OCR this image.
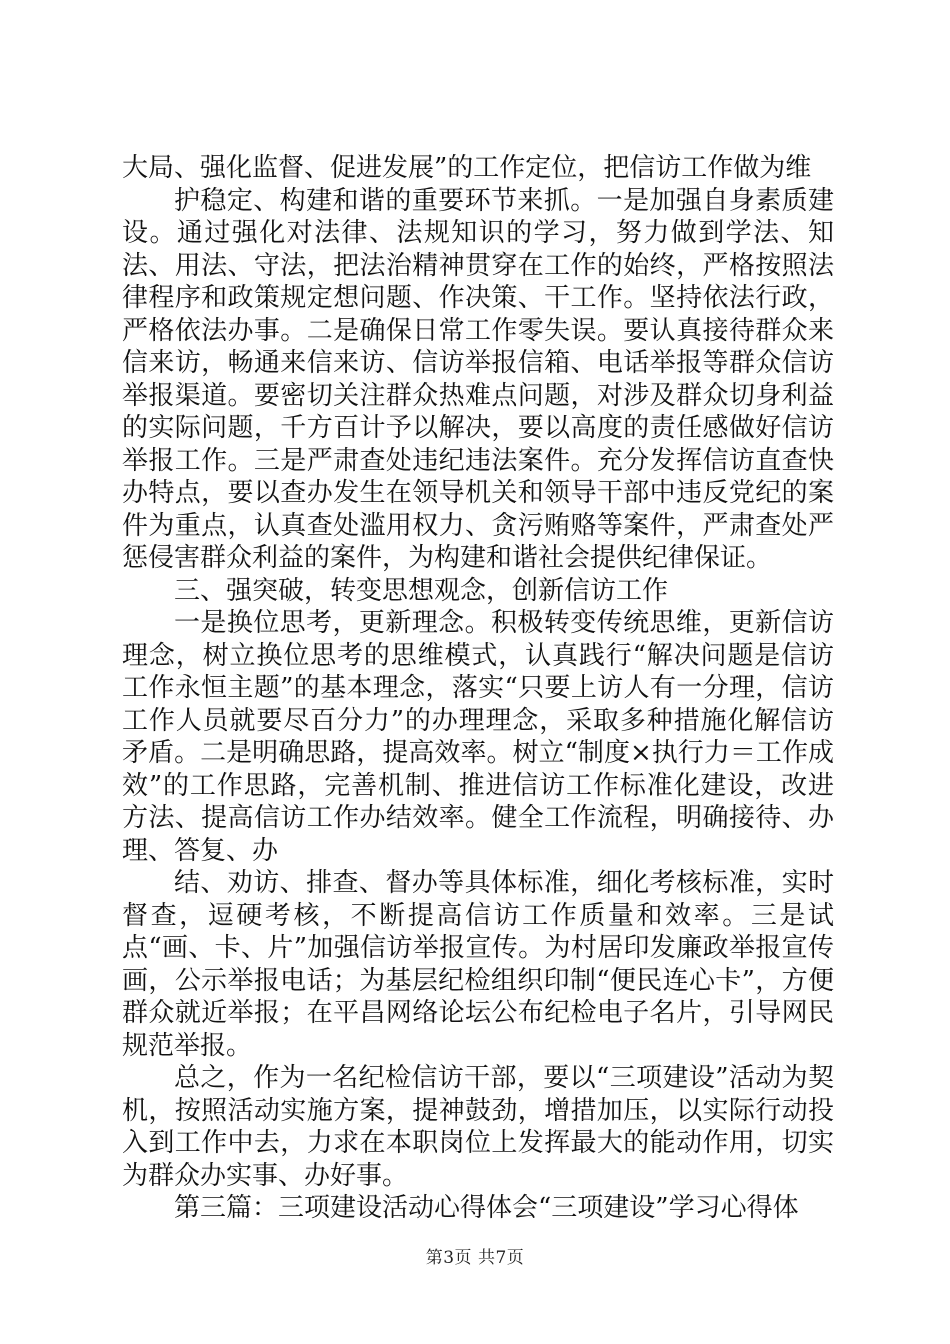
大局、强化监督、促进发展”的工作定位，把信访工作做为维

护稳定、构建和谐的重要环节来抓。一是加强自身素质建设。通过强化对法律、法规知识的学习，努力做到学法、知法、用法、守法，把法治精神贯穿在工作的始终，严格按照法律程序和政策规定想问题、作决策、干工作。坚持依法行政，严格依法办事。二是确保日常工作零失误。要认真接待群众来信来访，畅通来信来访、信访举报信箱、电话举报等群众信访举报渠道。要密切关注群众热难点问题，对涉及群众切身利益的实际问题，千方百计予以解决，要以高度的责任感做好信访举报工作。三是严肃查处违纪违法案件。充分发挥信访直查快办特点，要以查办发生在领导机关和领导干部中违反党纪的案件为重点，认真查处滥用权力、贪污贿赂等案件，严肃查处严惩侵害群众利益的案件，为构建和谐社会提供纪律保证。

三、强突破，转变思想观念，创新信访工作

一是换位思考，更新理念。积极转变传统思维，更新信访理念，树立换位思考的思维模式，认真践行“解决问题是信访工作永恒主题”的基本理念，落实“只要上访人有一分理，信访工作人员就要尽百分力”的办理理念，采取多种措施化解信访矛盾。二是明确思路，提高效率。树立“制度×执行力＝工作成效”的工作思路，完善机制、推进信访工作标准化建设，改进方法、提高信访工作办结效率。健全工作流程，明确接待、办理、答复、办

结、劝访、排查、督办等具体标准，细化考核标准，实时督查，逗硬考核，不断提高信访工作质量和效率。三是试点“画、卡、片”加强信访举报宣传。为村居印发廉政举报宣传画，公示举报电话；为基层纪检组织印制“便民连心卡”，方便群众就近举报；在平昌网络论坛公布纪检电子名片，引导网民规范举报。

总之，作为一名纪检信访干部，要以“三项建设”活动为契机，按照活动实施方案，提神鼓劲，增措加压，以实际行动投入到工作中去，力求在本职岗位上发挥最大的能动作用，切实为群众办实事、办好事。

第三篇：三项建设活动心得体会“三项建设”学习心得体

第3页 共7页
